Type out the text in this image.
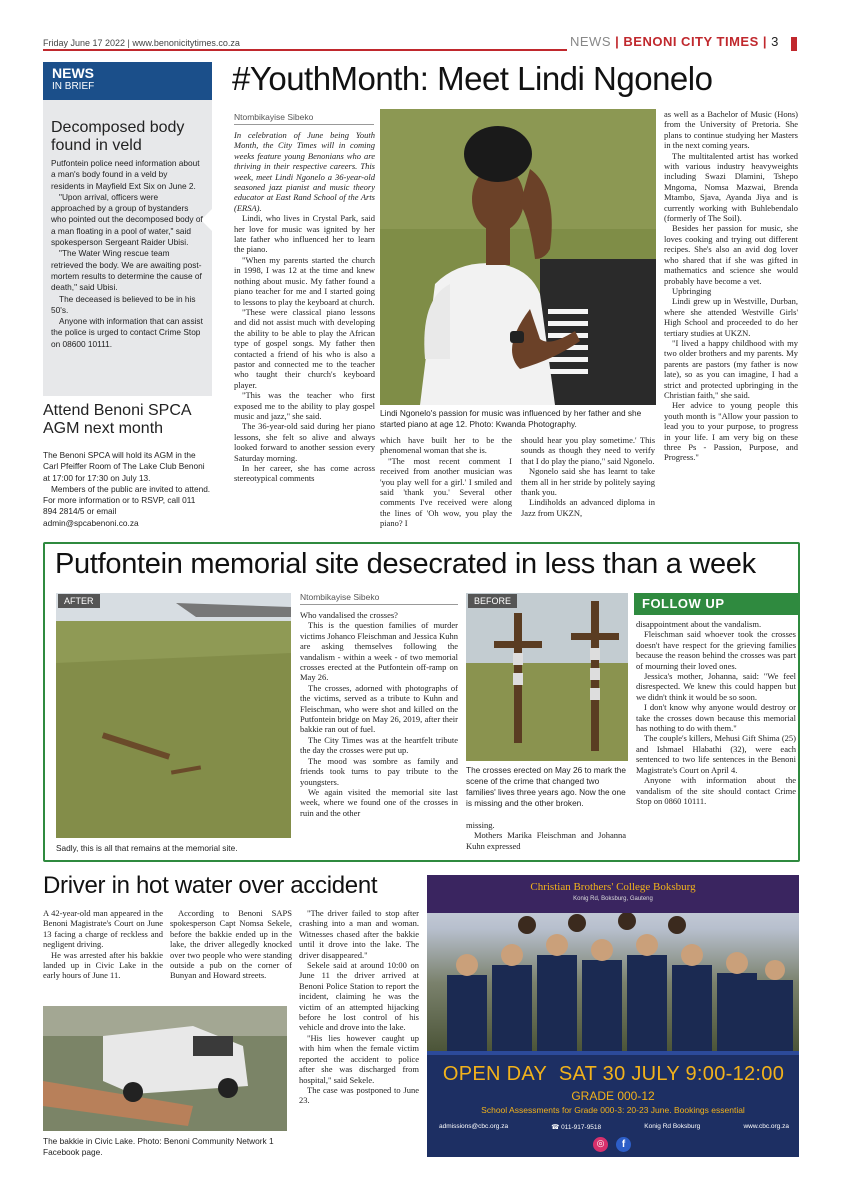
Friday June 17 2022 | www.benonicitytimes.co.za	NEWS | BENONI CITY TIMES | 3
NEWS
IN BRIEF
Decomposed body found in veld

Putfontein police need information about a man's body found in a veld by residents in Mayfield Ext Six on June 2.

"Upon arrival, officers were approached by a group of bystanders who pointed out the decomposed body of a man floating in a pool of water," said spokesperson Sergeant Raider Ubisi.

"The Water Wing rescue team retrieved the body. We are awaiting post-mortem results to determine the cause of death," said Ubisi.

The deceased is believed to be in his 50's.

Anyone with information that can assist the police is urged to contact Crime Stop on 08600 10111.

Attend Benoni SPCA AGM next month

The Benoni SPCA will hold its AGM in the Carl Pfeiffer Room of The Lake Club Benoni at 17:00 for 17:30 on July 13.

Members of the public are invited to attend. For more information or to RSVP, call 011 894 2814/5 or email admin@spcabenoni.co.za

#YouthMonth: Meet Lindi Ngonelo
Ntombikayise Sibeko

In celebration of June being Youth Month, the City Times will in coming weeks feature young Benonians who are thriving in their respective careers. This week, meet Lindi Ngonelo a 36-year-old seasoned jazz pianist and music theory educator at East Rand School of the Arts (ERSA).

Lindi, who lives in Crystal Park, said her love for music was ignited by her late father who influenced her to learn the piano.

"When my parents started the church in 1998, I was 12 at the time and knew nothing about music. My father found a piano teacher for me and I started going to lessons to play the keyboard at church.

"These were classical piano lessons and did not assist much with developing the ability to be able to play the African type of gospel songs. My father then contacted a friend of his who is also a pastor and connected me to the teacher who taught their church's keyboard player.

"This was the teacher who first exposed me to the ability to play gospel music and jazz," she said.

The 36-year-old said during her piano lessons, she felt so alive and always looked forward to another session every Saturday morning.

In her career, she has come across stereotypical comments

Lindi Ngonelo's passion for music was influenced by her father and she started piano at age 12. Photo: Kwanda Photography.

which have built her to be the phenomenal woman that she is.

"The most recent comment I received from another musician was 'you play well for a girl.' I smiled and said 'thank you.' Several other comments I've received were along the lines of 'Oh wow, you play the piano? I

should hear you play sometime.' This sounds as though they need to verify that I do play the piano," said Ngonelo.

Ngonelo said she has learnt to take them all in her stride by politely saying thank you.

Lindiholds an advanced diploma in Jazz from UKZN,

as well as a Bachelor of Music (Hons) from the University of Pretoria. She plans to continue studying her Masters in the next coming years.

The multitalented artist has worked with various industry heavyweights including Swazi Dlamini, Tshepo Mngoma, Nomsa Mazwai, Brenda Mtambo, Sjava, Ayanda Jiya and is currently working with Buhlebendalo (formerly of The Soil).

Besides her passion for music, she loves cooking and trying out different recipes. She's also an avid dog lover who shared that if she was gifted in mathematics and science she would probably have become a vet.

Upbringing

Lindi grew up in Westville, Durban, where she attended Westville Girls' High School and proceeded to do her tertiary studies at UKZN.

"I lived a happy childhood with my two older brothers and my parents. My parents are pastors (my father is now late), so as you can imagine, I had a strict and protected upbringing in the Christian faith," she said.

Her advice to young people this youth month is "Allow your passion to lead you to your purpose, to progress in your life. I am very big on these three Ps - Passion, Purpose, and Progress."

Putfontein memorial site desecrated in less than a week
AFTER
Sadly, this is all that remains at the memorial site.
Ntombikayise Sibeko

Who vandalised the crosses?

This is the question families of murder victims Johanco Fleischman and Jessica Kuhn are asking themselves following the vandalism - within a week - of two memorial crosses erected at the Putfontein off-ramp on May 26.

The crosses, adorned with photographs of the victims, served as a tribute to Kuhn and Fleischman, who were shot and killed on the Putfontein bridge on May 26, 2019, after their bakkie ran out of fuel.

The City Times was at the heartfelt tribute the day the crosses were put up.

The mood was sombre as family and friends took turns to pay tribute to the youngsters.

We again visited the memorial site last week, where we found one of the crosses in ruin and the other

BEFORE
The crosses erected on May 26 to mark the scene of the crime that changed two families' lives three years ago. Now the one is missing and the other broken.

missing.

Mothers Marika Fleischman and Johanna Kuhn expressed

FOLLOW UP

disappointment about the vandalism.

Fleischman said whoever took the crosses doesn't have respect for the grieving families because the reason behind the crosses was part of mourning their loved ones.

Jessica's mother, Johanna, said: "We feel disrespected. We knew this could happen but we didn't think it would be so soon.

I don't know why anyone would destroy or take the crosses down because this memorial has nothing to do with them."

The couple's killers, Mehusi Gift Shima (25) and Ishmael Hlabathi (32), were each sentenced to two life sentences in the Benoni Magistrate's Court on April 4.

Anyone with information about the vandalism of the site should contact Crime Stop on 0860 10111.

Driver in hot water over accident

A 42-year-old man appeared in the Benoni Magistrate's Court on June 13 facing a charge of reckless and negligent driving.

He was arrested after his bakkie landed up in Civic Lake in the early hours of June 11.

According to Benoni SAPS spokesperson Capt Nomsa Sekele, before the bakkie ended up in the lake, the driver allegedly knocked over two people who were standing outside a pub on the corner of Bunyan and Howard streets.

"The driver failed to stop after crashing into a man and woman. Witnesses chased after the bakkie until it drove into the lake. The driver disappeared."

Sekele said at around 10:00 on June 11 the driver arrived at Benoni Police Station to report the incident, claiming he was the victim of an attempted hijacking before he lost control of his vehicle and drove into the lake.

"His lies however caught up with him when the female victim reported the accident to police after she was discharged from hospital," said Sekele.

The case was postponed to June 23.

The bakkie in Civic Lake. Photo: Benoni Community Network 1 Facebook page.
Christian Brothers' College Boksburg
Konig Rd, Boksburg, Gauteng
OPEN DAY SAT 30 JULY 9:00-12:00
GRADE 000-12
School Assessments for Grade 000-3: 20-23 June. Bookings essential
admissions@cbc.org.za	☎ 011-917-9518	Konig Rd Boksburg	www.cbc.org.za
◎	f
